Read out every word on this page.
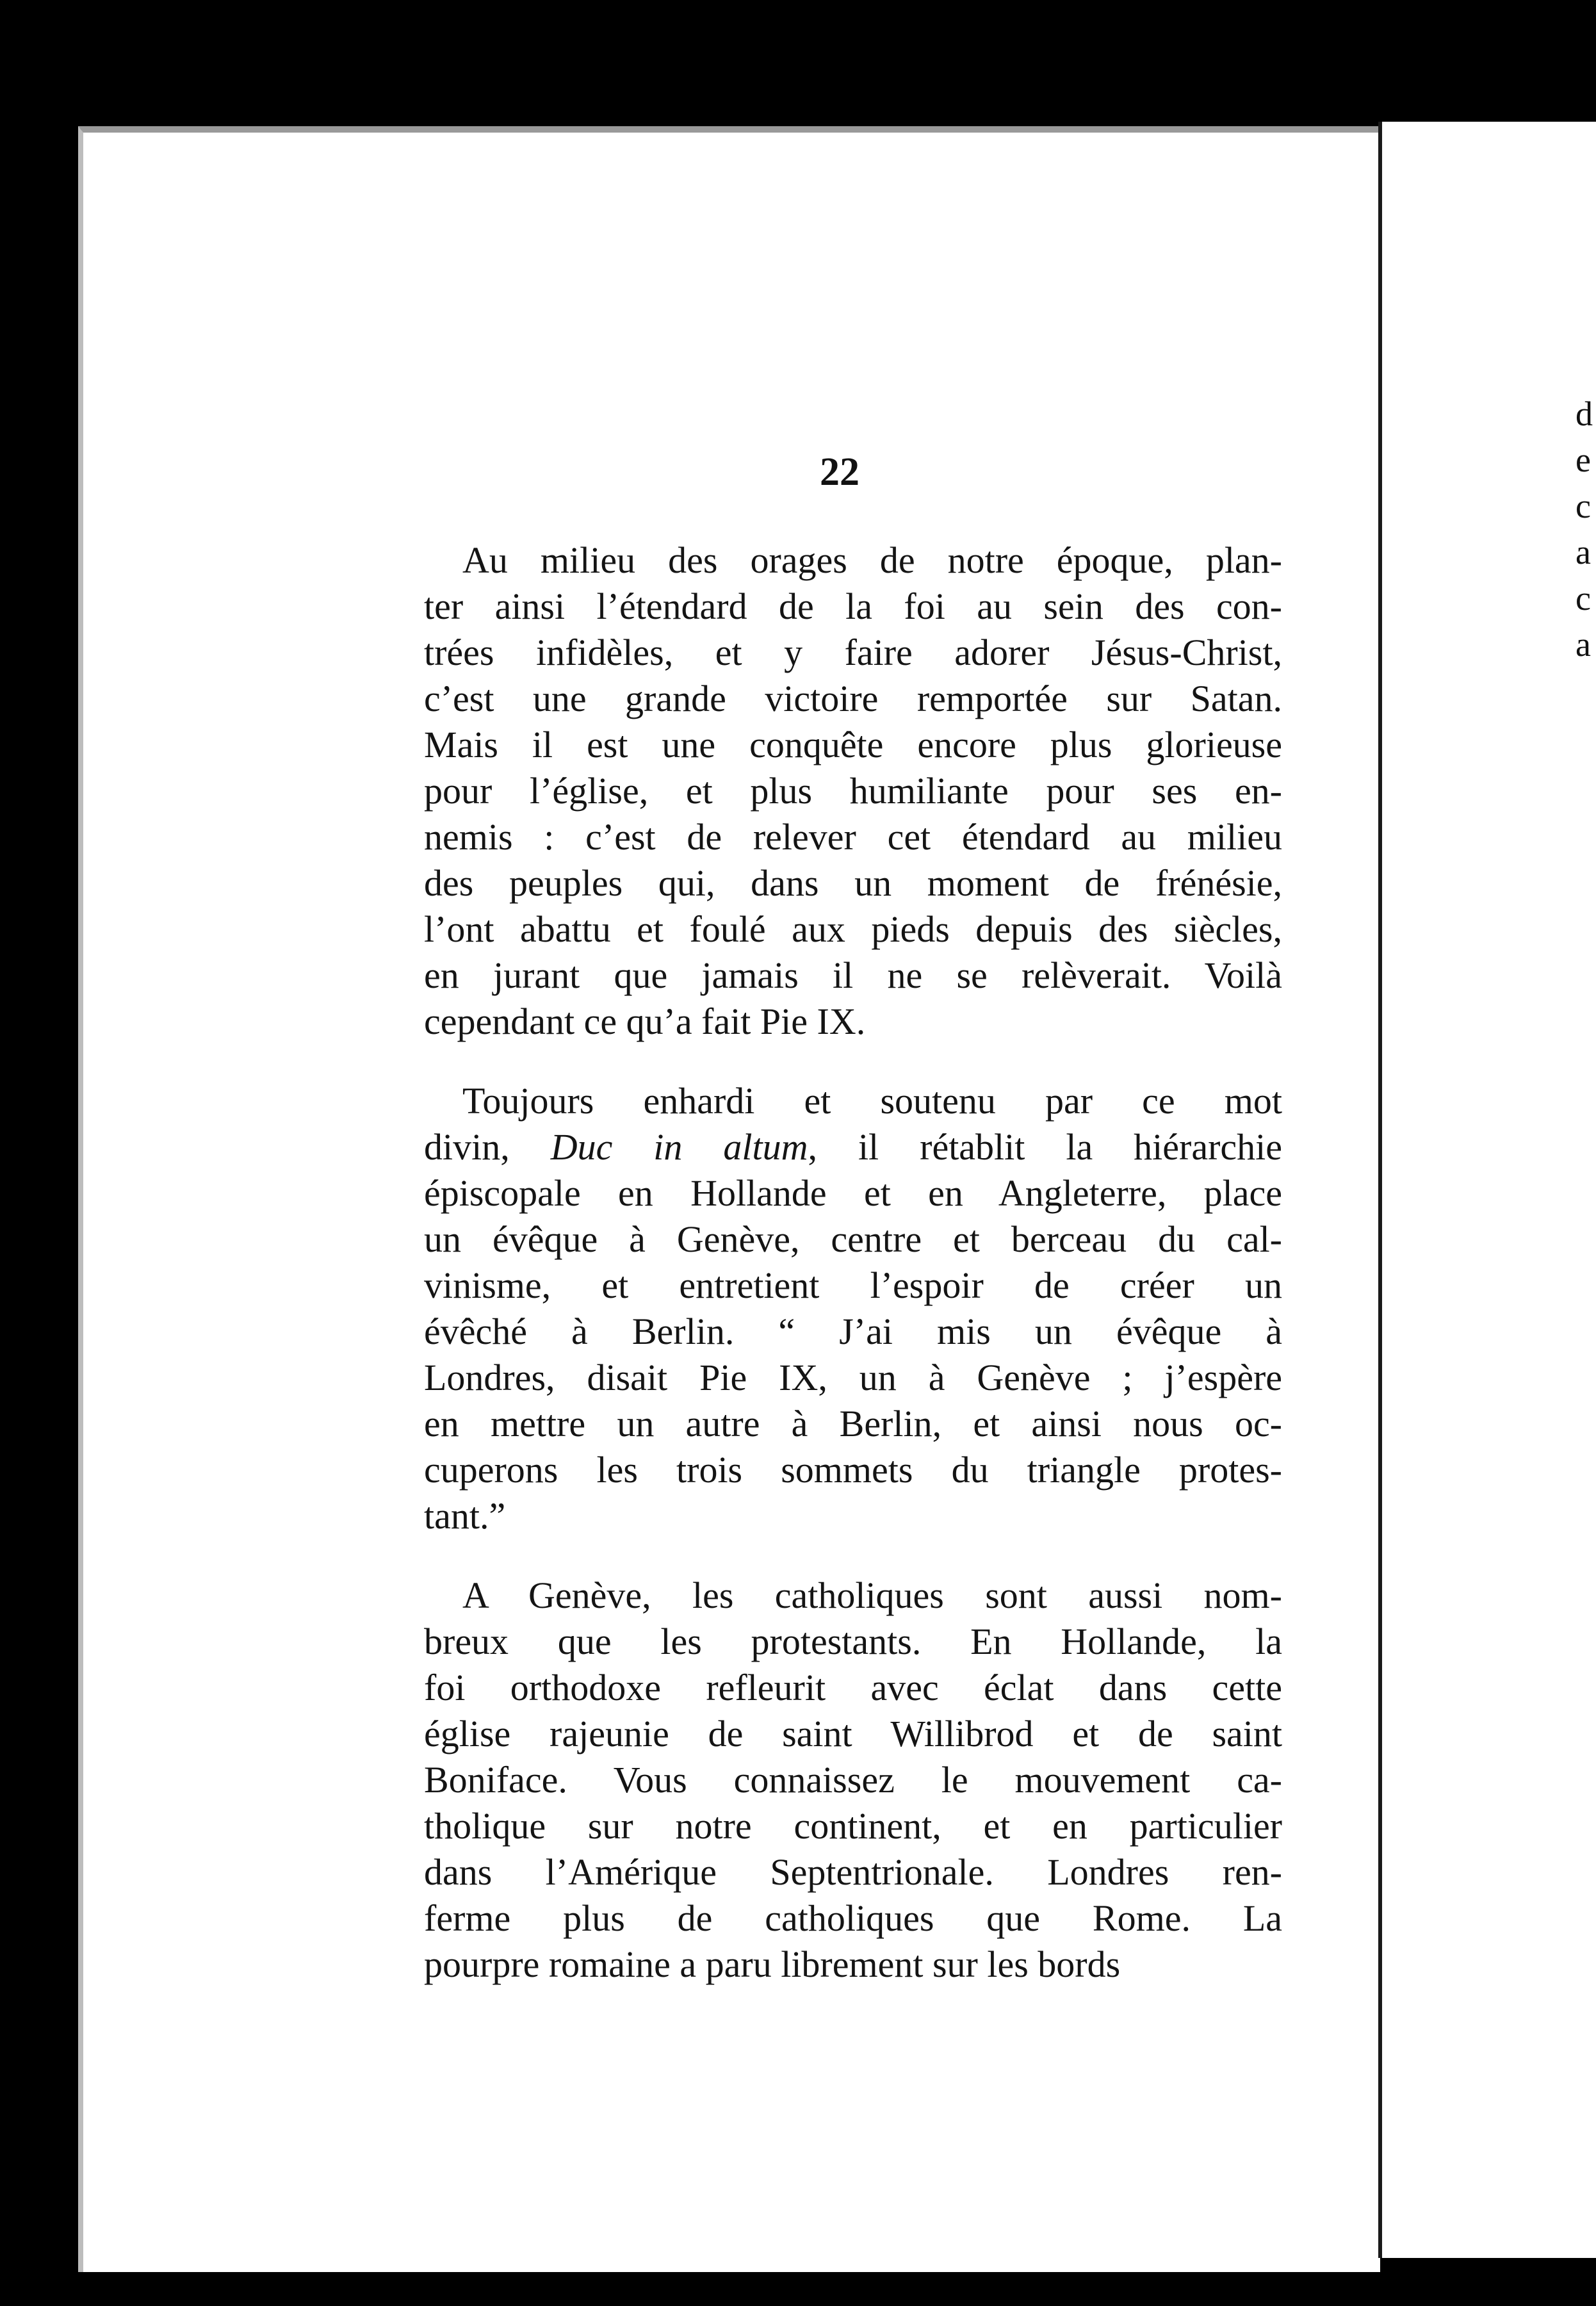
22

Au milieu des orages de notre époque, plan-
ter ainsi l’étendard de la foi au sein des con-
trées infidèles, et y faire adorer Jésus-Christ,
c’est une grande victoire remportée sur Satan.
Mais il est une conquête encore plus glorieuse
pour l’église, et plus humiliante pour ses en-
nemis : c’est de relever cet étendard au milieu
des peuples qui, dans un moment de frénésie,
l’ont abattu et foulé aux pieds depuis des siècles,
en jurant que jamais il ne se relèverait. Voilà
cependant ce qu’a fait Pie IX.

Toujours enhardi et soutenu par ce mot
divin, Duc in altum, il rétablit la hiérarchie
épiscopale en Hollande et en Angleterre, place
un évêque à Genève, centre et berceau du cal-
vinisme, et entretient l’espoir de créer un
évêché à Berlin. “ J’ai mis un évêque à
Londres, disait Pie IX, un à Genève ; j’espère
en mettre un autre à Berlin, et ainsi nous oc-
cuperons les trois sommets du triangle protes-
tant.”

A Genève, les catholiques sont aussi nom-
breux que les protestants. En Hollande, la
foi orthodoxe refleurit avec éclat dans cette
église rajeunie de saint Willibrod et de saint
Boniface. Vous connaissez le mouvement ca-
tholique sur notre continent, et en particulier
dans l’Amérique Septentrionale. Londres ren-
ferme plus de catholiques que Rome. La
pourpre romaine a paru librement sur les bords

d
e
c
a
c
a
